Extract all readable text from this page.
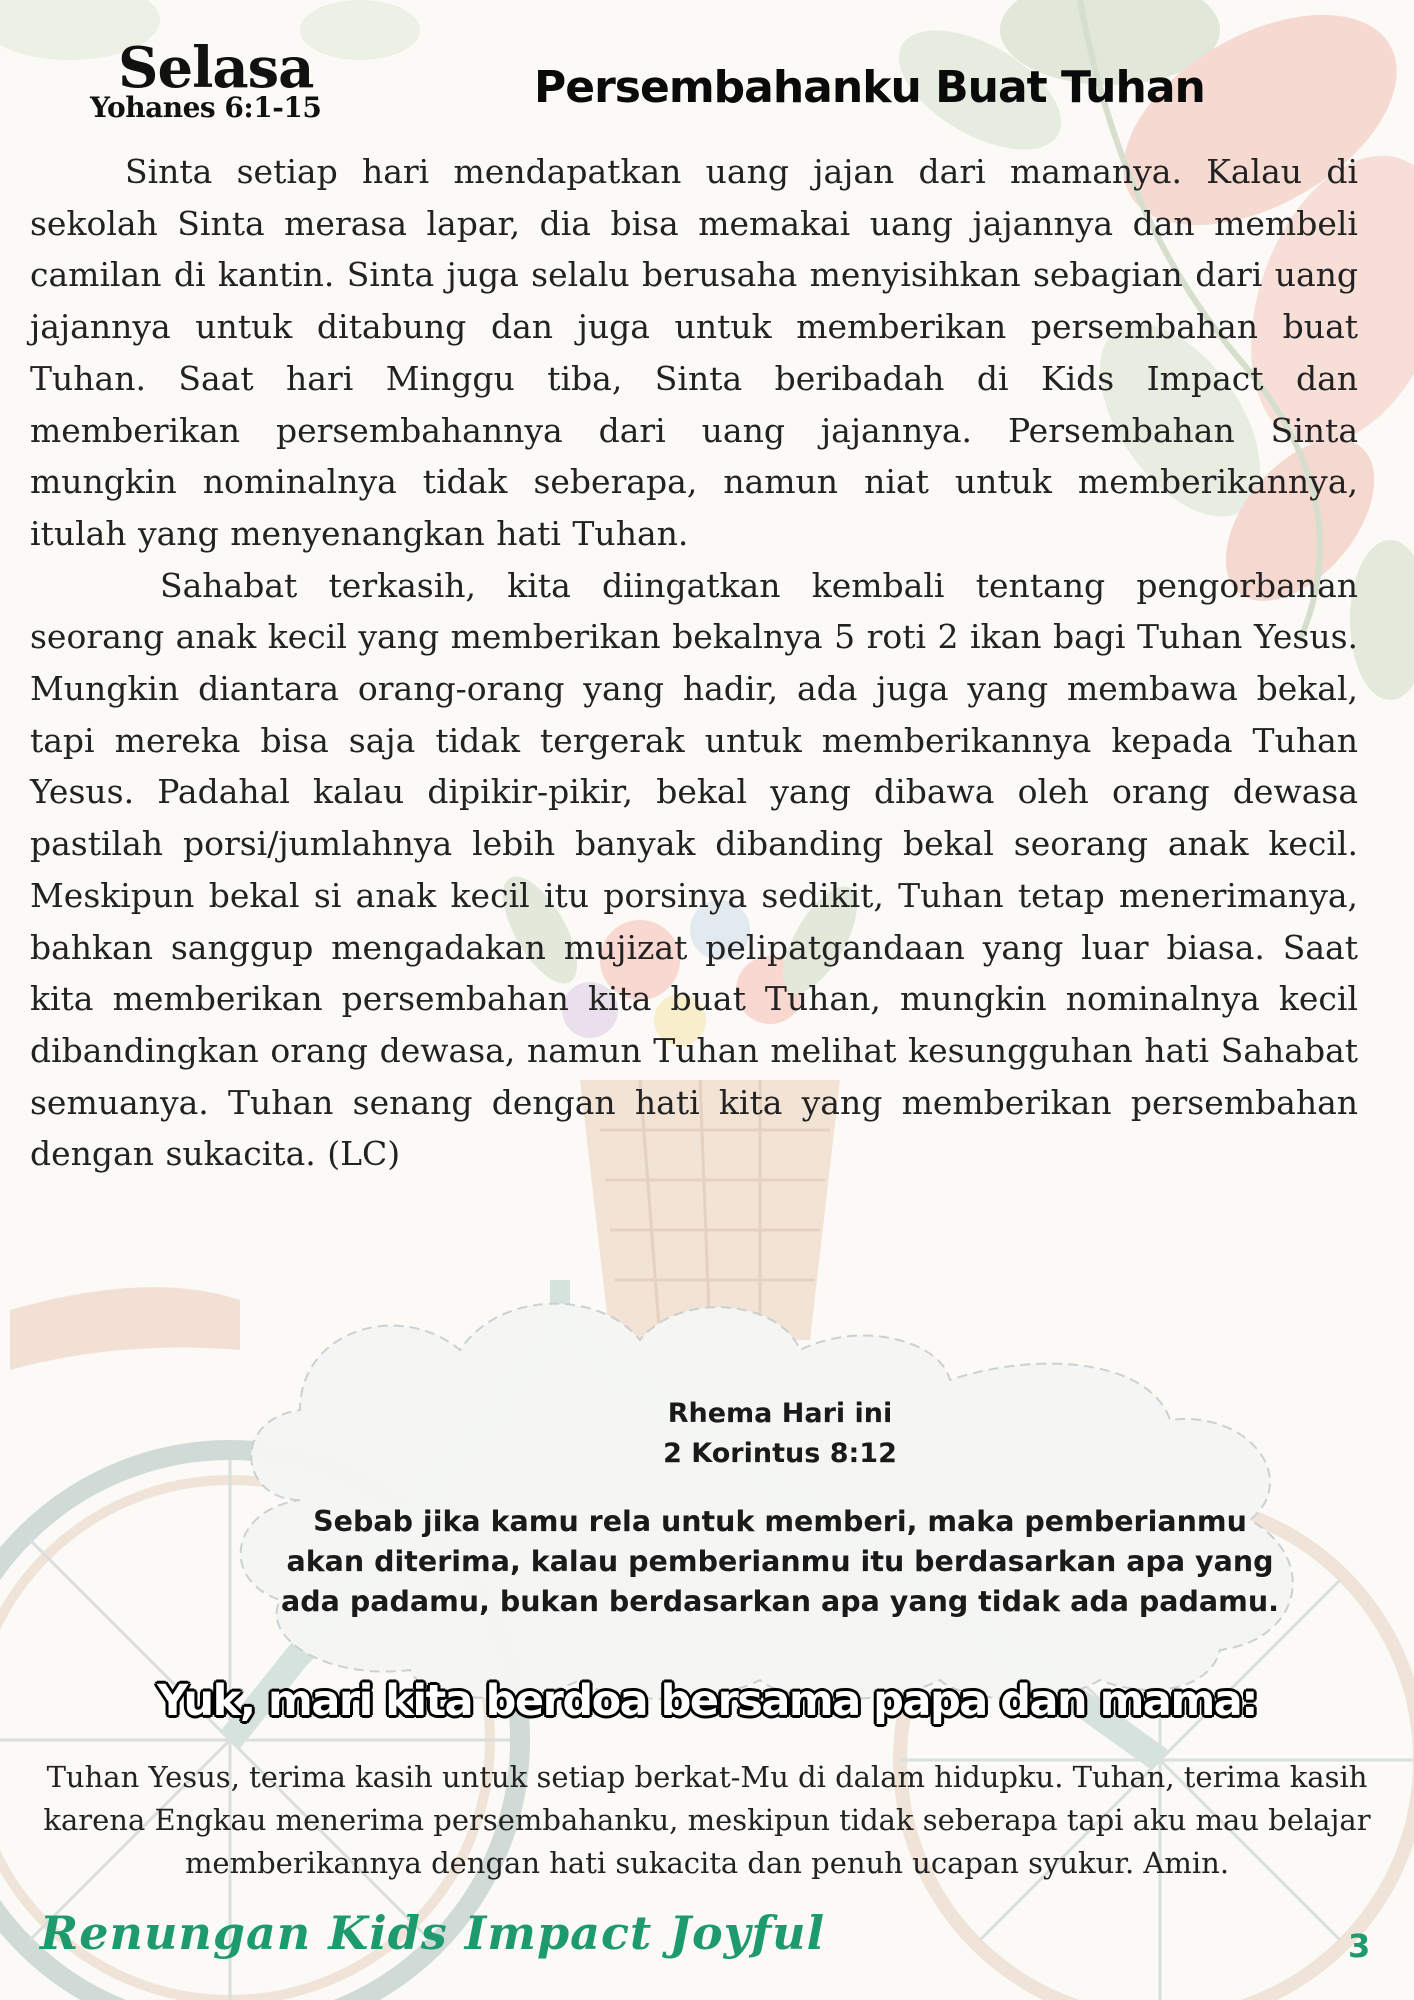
Selasa
Yohanes 6:1-15	Persembahanku Buat Tuhan

Sinta setiap hari mendapatkan uang jajan dari mamanya. Kalau di sekolah Sinta merasa lapar, dia bisa memakai uang jajannya dan membeli camilan di kantin. Sinta juga selalu berusaha menyisihkan sebagian dari uang jajannya untuk ditabung dan juga untuk memberikan persembahan buat Tuhan. Saat hari Minggu tiba, Sinta beribadah di Kids Impact dan memberikan persembahannya dari uang jajannya. Persembahan Sinta mungkin nominalnya tidak seberapa, namun niat untuk memberikannya, itulah yang menyenangkan hati Tuhan.

Sahabat terkasih, kita diingatkan kembali tentang pengorbanan seorang anak kecil yang memberikan bekalnya 5 roti 2 ikan bagi Tuhan Yesus. Mungkin diantara orang-orang yang hadir, ada juga yang membawa bekal, tapi mereka bisa saja tidak tergerak untuk memberikannya kepada Tuhan Yesus. Padahal kalau dipikir-pikir, bekal yang dibawa oleh orang dewasa pastilah porsi/jumlahnya lebih banyak dibanding bekal seorang anak kecil. Meskipun bekal si anak kecil itu porsinya sedikit, Tuhan tetap menerimanya, bahkan sanggup mengadakan mujizat pelipatgandaan yang luar biasa. Saat kita memberikan persembahan kita buat Tuhan, mungkin nominalnya kecil dibandingkan orang dewasa, namun Tuhan melihat kesungguhan hati Sahabat semuanya. Tuhan senang dengan hati kita yang memberikan persembahan dengan sukacita. (LC)

Rhema Hari ini
2 Korintus 8:12
Sebab jika kamu rela untuk memberi, maka pemberianmu akan diterima, kalau pemberianmu itu berdasarkan apa yang ada padamu, bukan berdasarkan apa yang tidak ada padamu.
Yuk, mari kita berdoa bersama papa dan mama:
Tuhan Yesus, terima kasih untuk setiap berkat-Mu di dalam hidupku. Tuhan, terima kasih karena Engkau menerima persembahanku, meskipun tidak seberapa tapi aku mau belajar memberikannya dengan hati sukacita dan penuh ucapan syukur. Amin.
Renungan Kids Impact Joyful	3
